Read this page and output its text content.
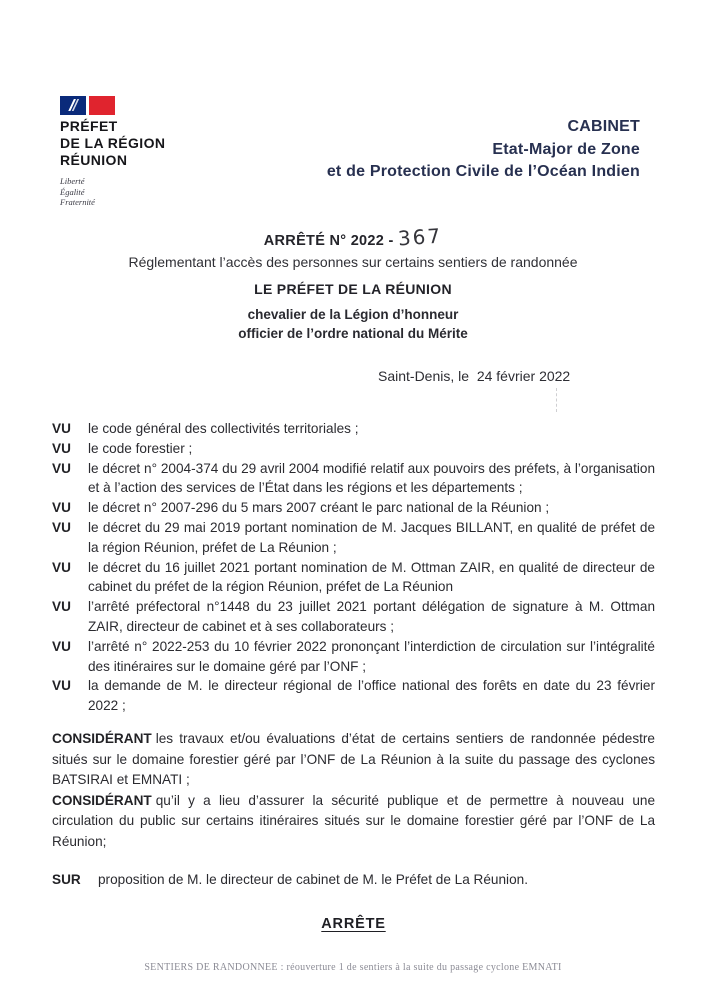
PRÉFET
DE LA RÉGION
RÉUNION
Liberté
Égalité
Fraternité
CABINET
Etat-Major de Zone
et de Protection Civile de l’Océan Indien
ARRÊTÉ N° 2022 - 367
Réglementant l’accès des personnes sur certains sentiers de randonnée
LE PRÉFET DE LA RÉUNION
chevalier de la Légion d’honneur
officier de l’ordre national du Mérite
Saint-Denis, le  24 février 2022
VU	le code général des collectivités territoriales ;
VU	le code forestier ;
VU	le décret n° 2004-374 du 29 avril 2004 modifié relatif aux pouvoirs des préfets, à l’organisation et à l’action des services de l’État dans les régions et les départements ;
VU	le décret n° 2007-296 du 5 mars 2007 créant le parc national de la Réunion ;
VU	le décret du 29 mai 2019 portant nomination de M. Jacques BILLANT, en qualité de préfet de la région Réunion, préfet de La Réunion ;
VU	le décret du 16 juillet 2021 portant nomination de M. Ottman ZAIR, en qualité de directeur de cabinet du préfet de la région Réunion, préfet de La Réunion
VU	l’arrêté préfectoral n°1448 du 23 juillet 2021 portant délégation de signature à M. Ottman ZAIR, directeur de cabinet et à ses collaborateurs ;
VU	l’arrêté n° 2022-253 du 10 février 2022 prononçant l’interdiction de circulation sur l’intégralité des itinéraires sur le domaine géré par l’ONF ;
VU	la demande de M. le directeur régional de l’office national des forêts en date du 23 février 2022 ;

CONSIDÉRANT les travaux et/ou évaluations d’état de certains sentiers de randonnée pédestre situés sur le domaine forestier géré par l’ONF de La Réunion à la suite du passage des cyclones BATSIRAI et EMNATI ;

CONSIDÉRANT qu’il y a lieu d’assurer la sécurité publique et de permettre à nouveau une circulation du public sur certains itinéraires situés sur le domaine forestier géré par l’ONF de La Réunion;

SUR	proposition de M. le directeur de cabinet de M. le Préfet de La Réunion.
ARRÊTE
SENTIERS DE RANDONNEE : réouverture 1 de sentiers à la suite du passage cyclone EMNATI
